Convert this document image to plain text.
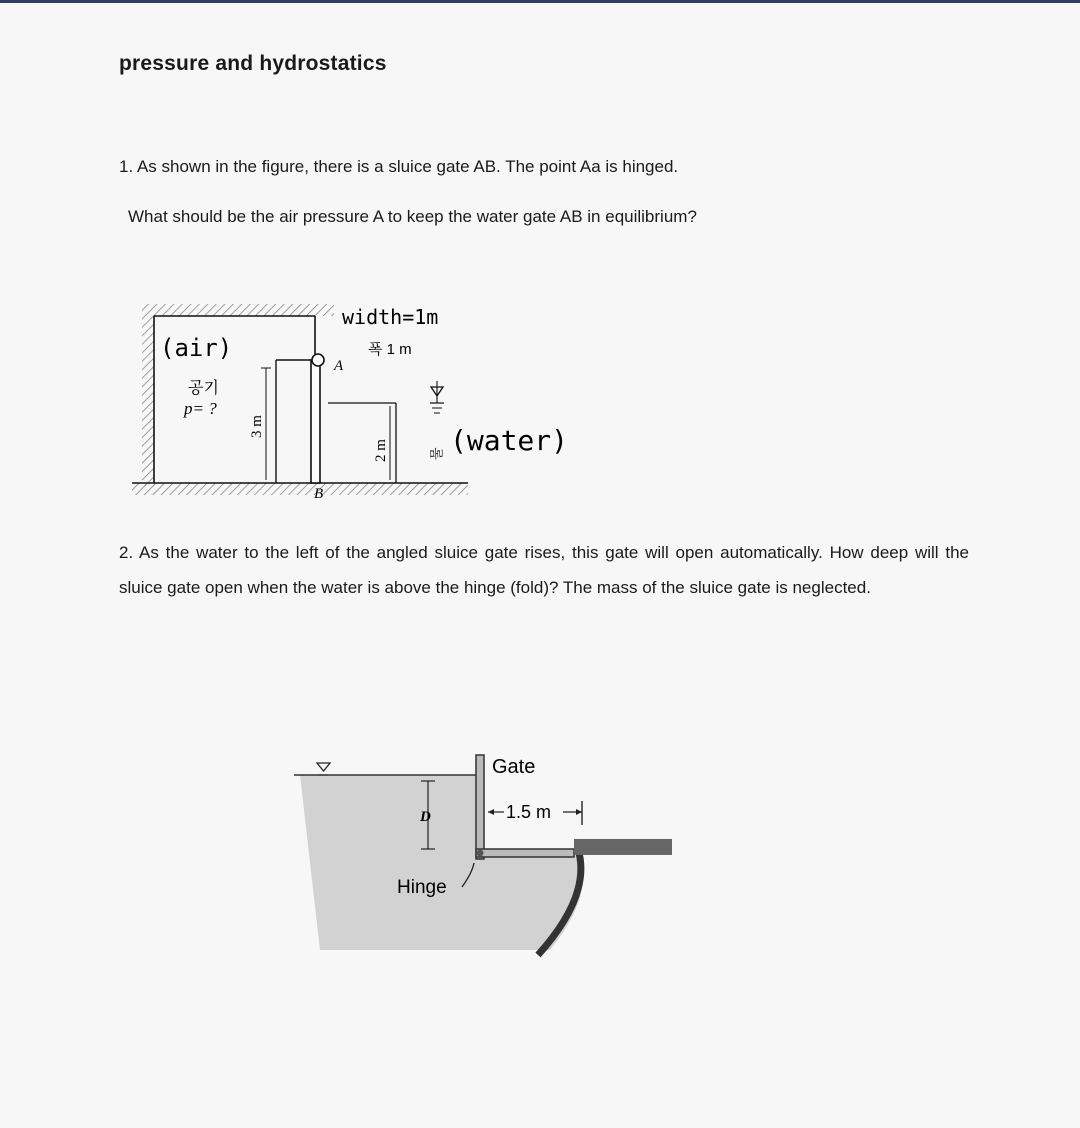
pressure and hydrostatics
1. As shown in the figure, there is a sluice gate AB. The point Aa is hinged.
What should be the air pressure A to keep the water gate AB in equilibrium?
width=1m
(air)
공기
p= ?
3 m
A
B
폭 1 m
2 m	물 (water)
2. As the water to the left of the angled sluice gate rises, this gate will open automatically. How deep will the sluice gate open when the water is above the hinge (fold)? The mass of the sluice gate is neglected.
D
Gate
1.5 m
Hinge
